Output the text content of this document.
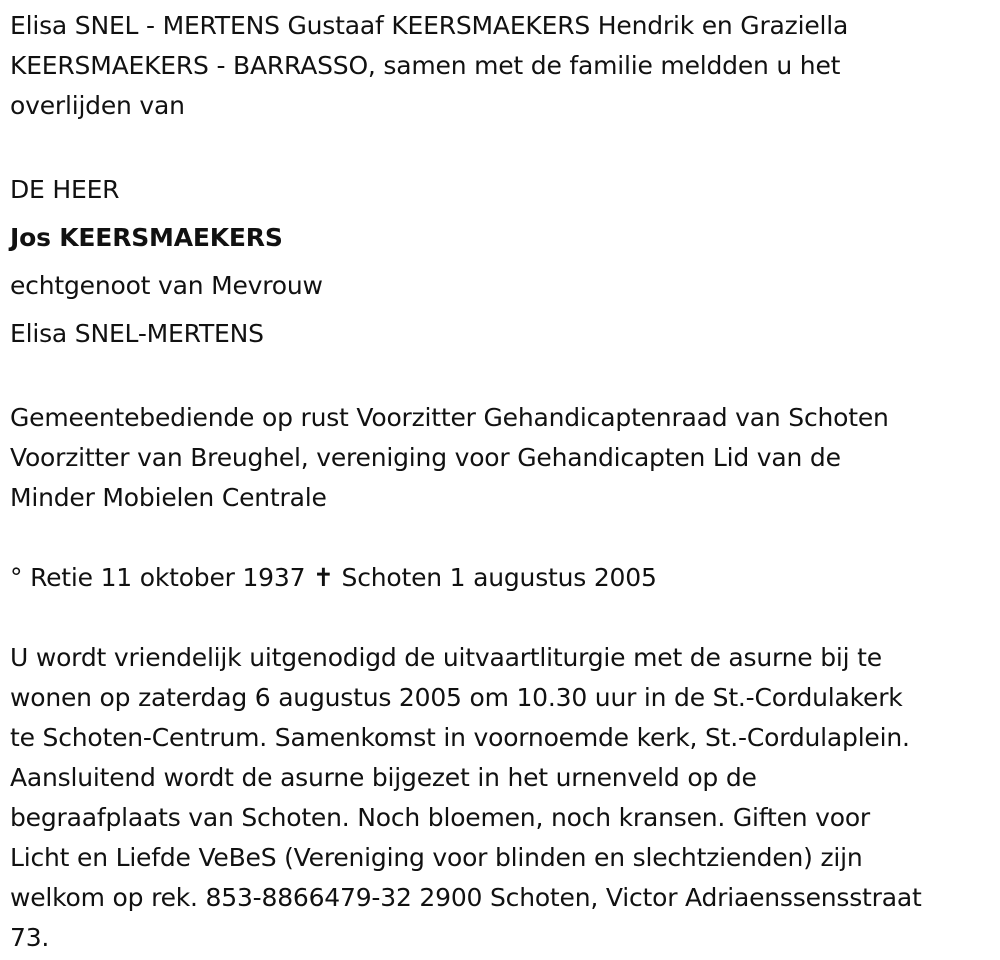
Elisa SNEL - MERTENS Gustaaf KEERSMAEKERS Hendrik en Graziella
KEERSMAEKERS - BARRASSO, samen met de familie meldden u het
overlijden van
DE HEER
Jos KEERSMAEKERS
echtgenoot van Mevrouw
Elisa SNEL-MERTENS
Gemeentebediende op rust Voorzitter Gehandicaptenraad van Schoten
Voorzitter van Breughel, vereniging voor Gehandicapten Lid van de
Minder Mobielen Centrale
° Retie 11 oktober 1937 ✝ Schoten 1 augustus 2005
U wordt vriendelijk uitgenodigd de uitvaartliturgie met de asurne bij te
wonen op zaterdag 6 augustus 2005 om 10.30 uur in de St.-Cordulakerk
te Schoten-Centrum. Samenkomst in voornoemde kerk, St.-Cordulaplein.
Aansluitend wordt de asurne bijgezet in het urnenveld op de
begraafplaats van Schoten. Noch bloemen, noch kransen. Giften voor
Licht en Liefde VeBeS (Vereniging voor blinden en slechtzienden) zijn
welkom op rek. 853-8866479-32 2900 Schoten, Victor Adriaenssensstraat
73.
